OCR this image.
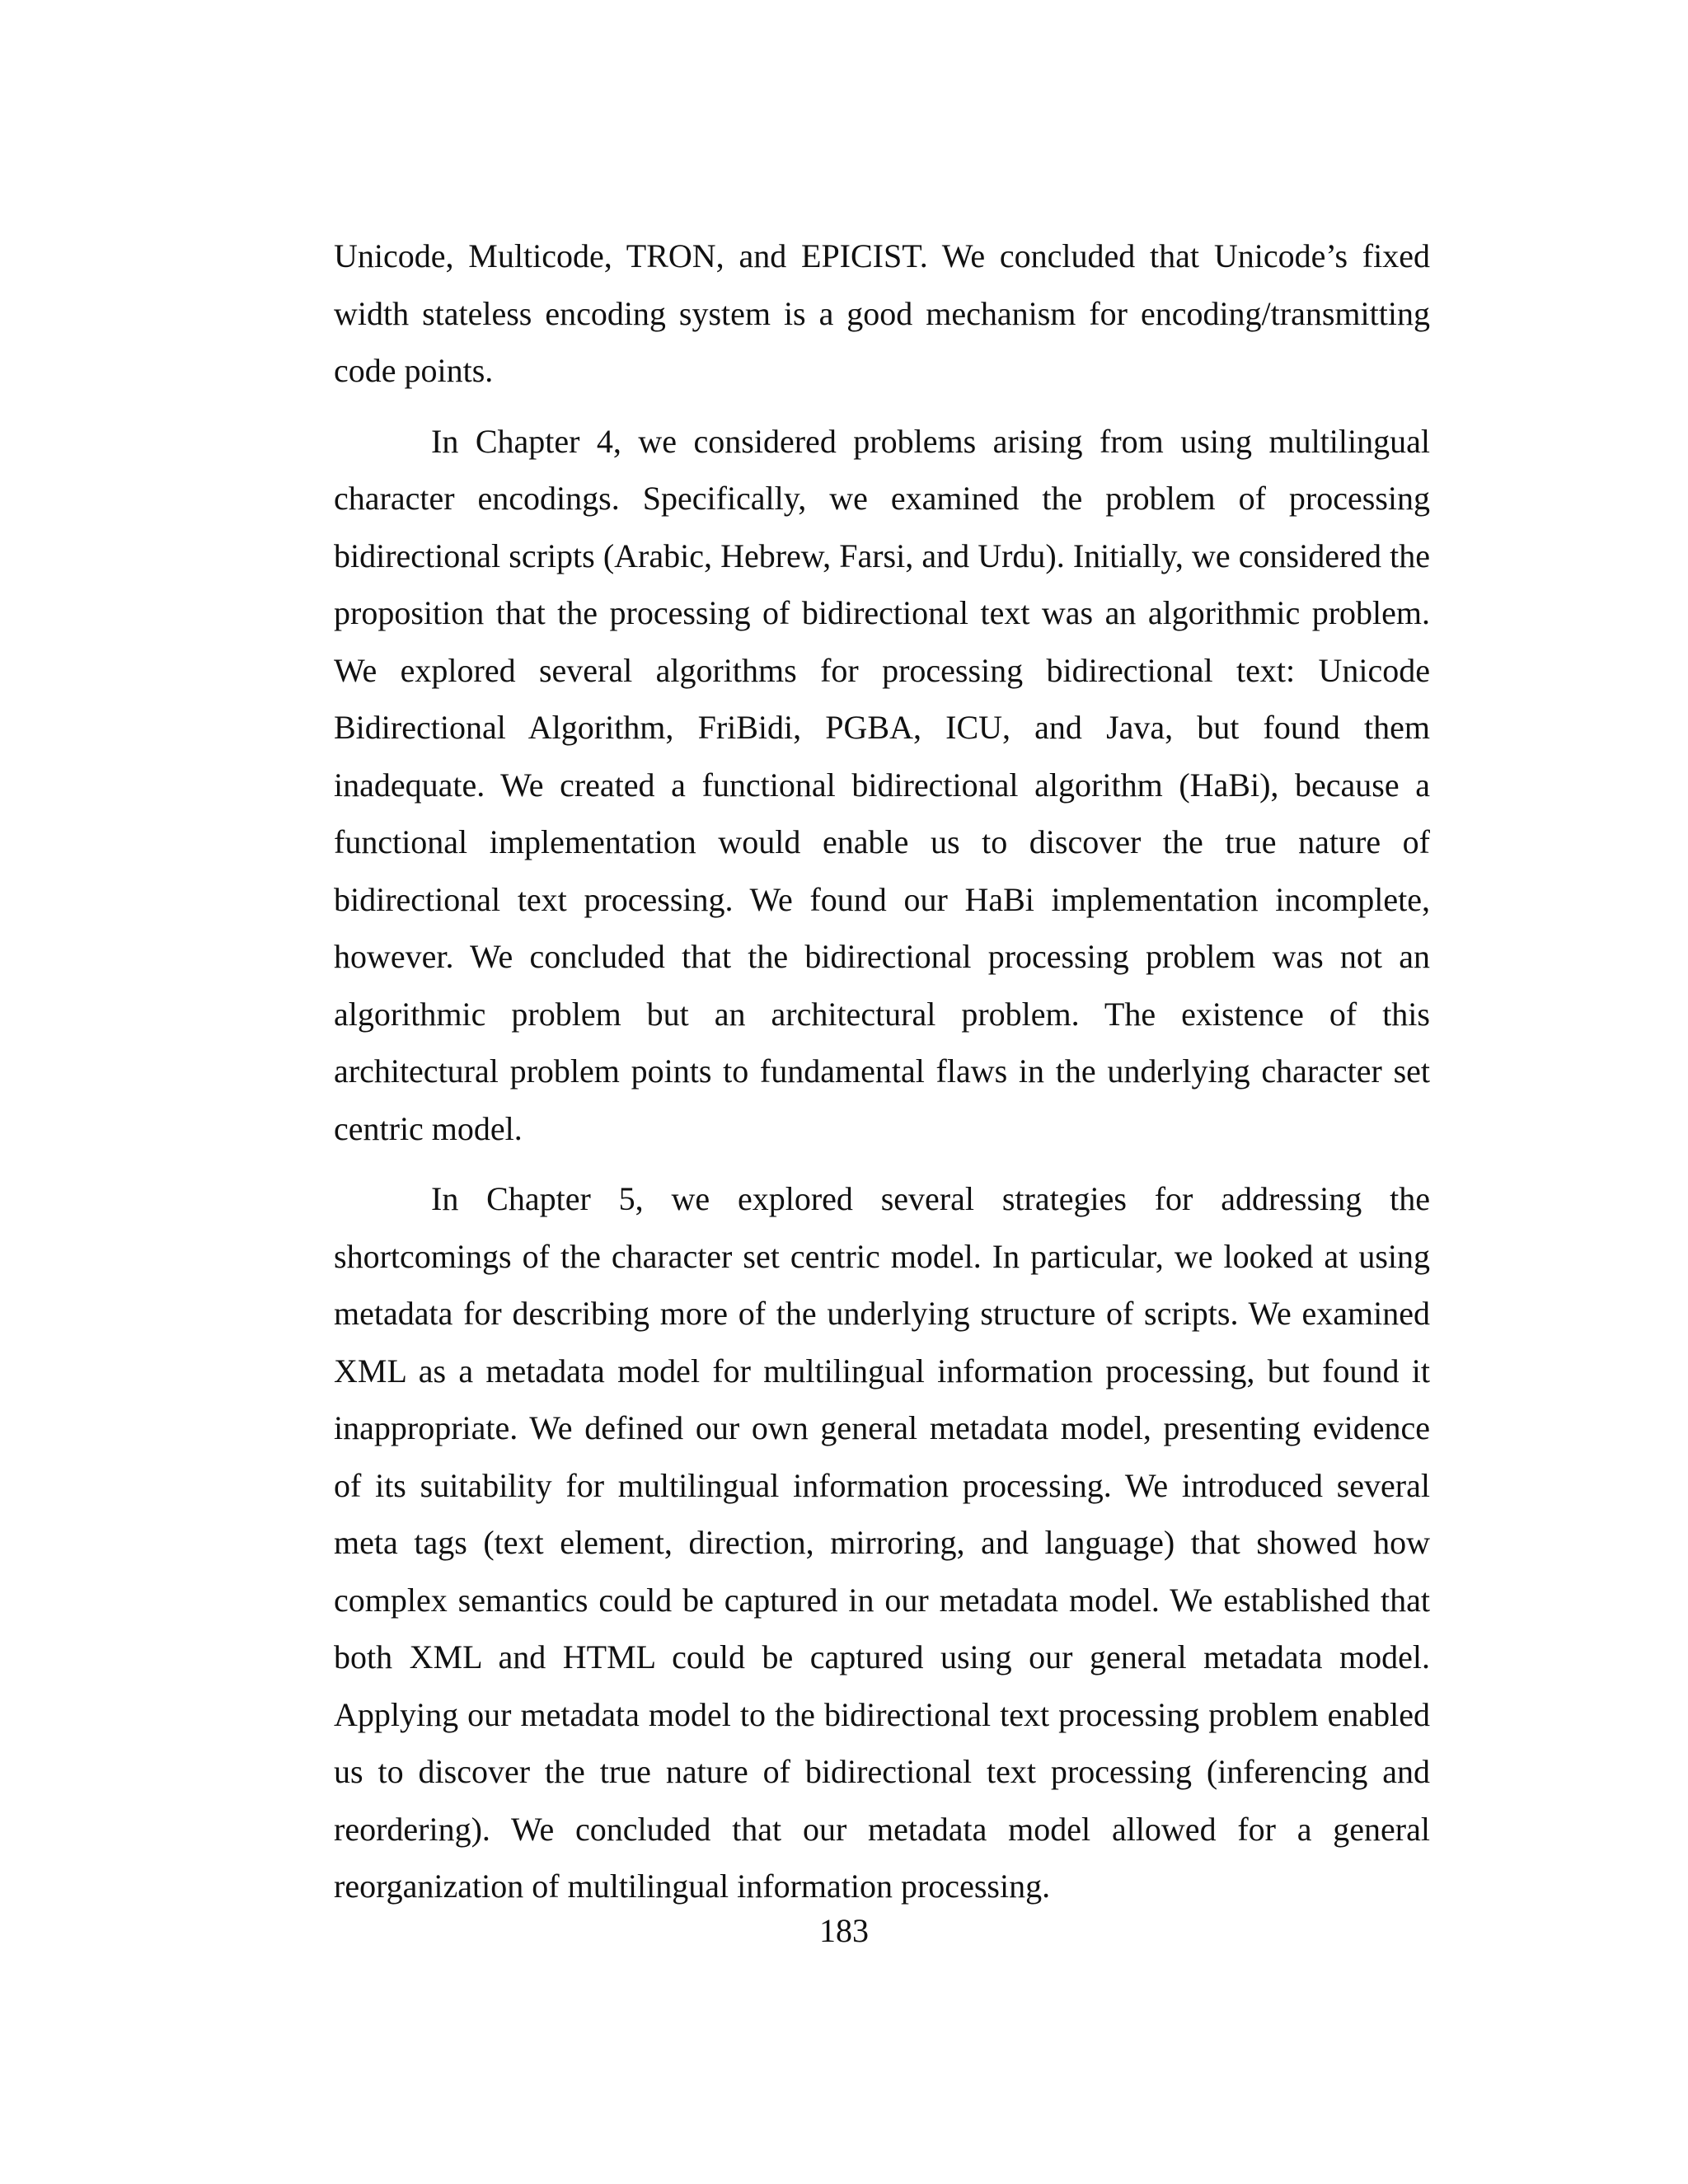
Unicode, Multicode, TRON, and EPICIST. We concluded that Unicode’s fixed width stateless encoding system is a good mechanism for encoding/transmitting code points.

In Chapter 4, we considered problems arising from using multilingual character encodings. Specifically, we examined the problem of processing bidirectional scripts (Arabic, Hebrew, Farsi, and Urdu). Initially, we considered the proposition that the processing of bidirectional text was an algorithmic problem. We explored several algorithms for processing bidirectional text: Unicode Bidirectional Algorithm, FriBidi, PGBA, ICU, and Java, but found them inadequate. We created a functional bidirectional algorithm (HaBi), because a functional implementation would enable us to discover the true nature of bidirectional text processing. We found our HaBi implementation incomplete, however. We concluded that the bidirectional processing problem was not an algorithmic problem but an architectural problem. The existence of this architectural problem points to fundamental flaws in the underlying character set centric model.

In Chapter 5, we explored several strategies for addressing the shortcomings of the character set centric model. In particular, we looked at using metadata for describing more of the underlying structure of scripts. We examined XML as a metadata model for multilingual information processing, but found it inappropriate. We defined our own general metadata model, presenting evidence of its suitability for multilingual information processing. We introduced several meta tags (text element, direction, mirroring, and language) that showed how complex semantics could be captured in our metadata model. We established that both XML and HTML could be captured using our general metadata model. Applying our metadata model to the bidirectional text processing problem enabled us to discover the true nature of bidirectional text processing (inferencing and reordering). We concluded that our metadata model allowed for a general reorganization of multilingual information processing.

183
